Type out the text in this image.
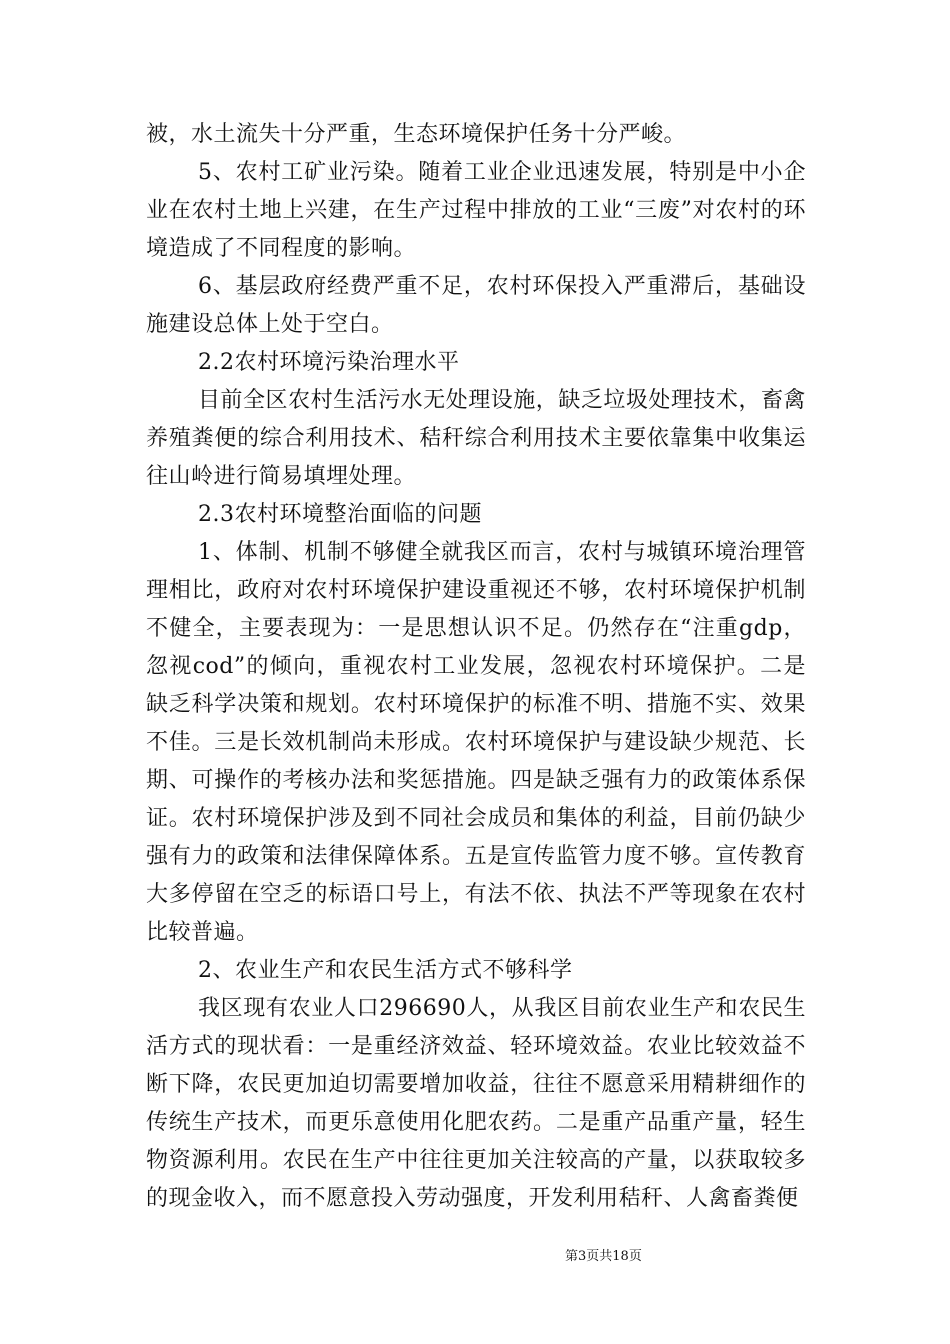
被，水土流失十分严重，生态环境保护任务十分严峻。

5、农村工矿业污染。随着工业企业迅速发展，特别是中小企业在农村土地上兴建，在生产过程中排放的工业“三废”对农村的环境造成了不同程度的影响。

6、基层政府经费严重不足，农村环保投入严重滞后，基础设施建设总体上处于空白。

2.2农村环境污染治理水平

目前全区农村生活污水无处理设施，缺乏垃圾处理技术，畜禽养殖粪便的综合利用技术、秸秆综合利用技术主要依靠集中收集运往山岭进行简易填埋处理。

2.3农村环境整治面临的问题

1、体制、机制不够健全就我区而言，农村与城镇环境治理管理相比，政府对农村环境保护建设重视还不够，农村环境保护机制不健全，主要表现为：一是思想认识不足。仍然存在“注重gdp，忽视cod”的倾向，重视农村工业发展，忽视农村环境保护。二是缺乏科学决策和规划。农村环境保护的标准不明、措施不实、效果不佳。三是长效机制尚未形成。农村环境保护与建设缺少规范、长期、可操作的考核办法和奖惩措施。四是缺乏强有力的政策体系保证。农村环境保护涉及到不同社会成员和集体的利益，目前仍缺少强有力的政策和法律保障体系。五是宣传监管力度不够。宣传教育大多停留在空乏的标语口号上，有法不依、执法不严等现象在农村比较普遍。

2、农业生产和农民生活方式不够科学

我区现有农业人口296690人，从我区目前农业生产和农民生活方式的现状看：一是重经济效益、轻环境效益。农业比较效益不断下降，农民更加迫切需要增加收益，往往不愿意采用精耕细作的传统生产技术，而更乐意使用化肥农药。二是重产品重产量，轻生物资源利用。农民在生产中往往更加关注较高的产量，以获取较多的现金收入，而不愿意投入劳动强度，开发利用秸秆、人禽畜粪便

第3页共18页
